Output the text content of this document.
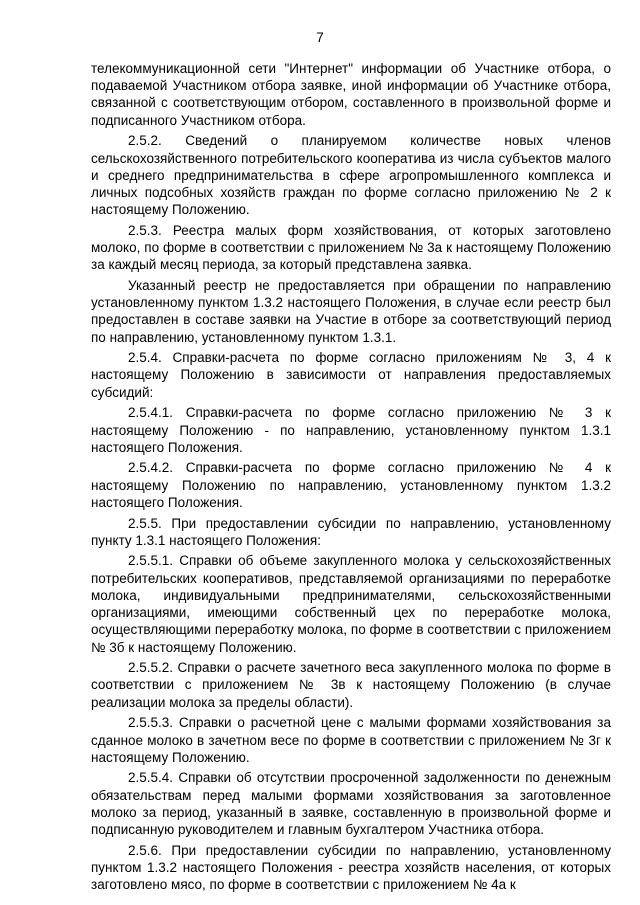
7

телекоммуникационной сети "Интернет" информации об Участнике отбора, о подаваемой Участником отбора заявке, иной информации об Участнике отбора, связанной с соответствующим отбором, составленного в произвольной форме и подписанного Участником отбора.

2.5.2. Сведений о планируемом количестве новых членов сельскохозяйственного потребительского кооператива из числа субъектов малого и среднего предпринимательства в сфере агропромышленного комплекса и личных подсобных хозяйств граждан по форме согласно приложению № 2 к настоящему Положению.

2.5.3. Реестра малых форм хозяйствования, от которых заготовлено молоко, по форме в соответствии с приложением № 3а к настоящему Положению за каждый месяц периода, за который представлена заявка.

Указанный реестр не предоставляется при обращении по направлению установленному пунктом 1.3.2 настоящего Положения, в случае если реестр был предоставлен в составе заявки на Участие в отборе за соответствующий период по направлению, установленному пунктом 1.3.1.

2.5.4. Справки-расчета по форме согласно приложениям № 3, 4 к настоящему Положению в зависимости от направления предоставляемых субсидий:

2.5.4.1. Справки-расчета по форме согласно приложению № 3 к настоящему Положению - по направлению, установленному пунктом 1.3.1 настоящего Положения.

2.5.4.2. Справки-расчета по форме согласно приложению № 4 к настоящему Положению по направлению, установленному пунктом 1.3.2 настоящего Положения.

2.5.5. При предоставлении субсидии по направлению, установленному пункту 1.3.1 настоящего Положения:

2.5.5.1. Справки об объеме закупленного молока у сельскохозяйственных потребительских кооперативов, представляемой организациями по переработке молока, индивидуальными предпринимателями, сельскохозяйственными организациями, имеющими собственный цех по переработке молока, осуществляющими переработку молока, по форме в соответствии с приложением № 3б к настоящему Положению.

2.5.5.2. Справки о расчете зачетного веса закупленного молока по форме в соответствии с приложением № 3в к настоящему Положению (в случае реализации молока за пределы области).

2.5.5.3. Справки о расчетной цене с малыми формами хозяйствования за сданное молоко в зачетном весе по форме в соответствии с приложением № 3г к настоящему Положению.

2.5.5.4. Справки об отсутствии просроченной задолженности по денежным обязательствам перед малыми формами хозяйствования за заготовленное молоко за период, указанный в заявке, составленную в произвольной форме и подписанную руководителем и главным бухгалтером Участника отбора.

2.5.6. При предоставлении субсидии по направлению, установленному пунктом 1.3.2 настоящего Положения - реестра хозяйств населения, от которых заготовлено мясо, по форме в соответствии с приложением № 4а к
